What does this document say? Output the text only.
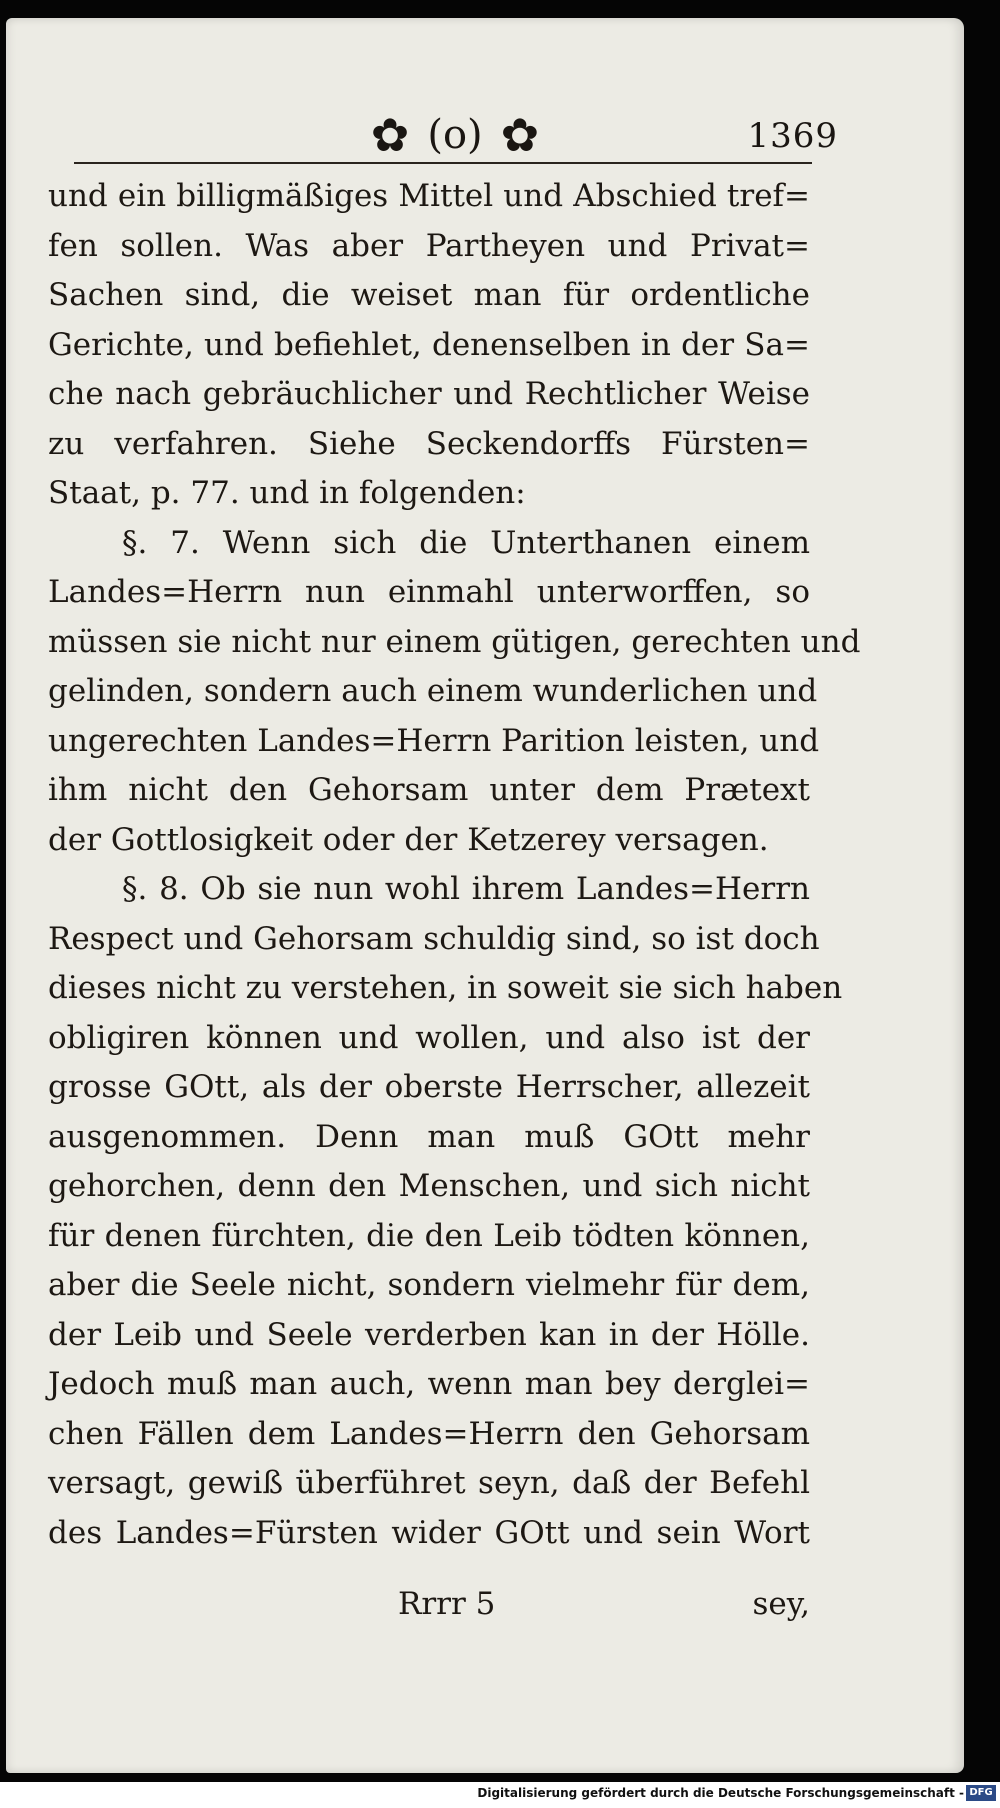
✿ (o) ✿	1369
und ein billigmäßiges Mittel und Abschied tref=
fen sollen. Was aber Partheyen und Privat=
Sachen sind, die weiset man für ordentliche
Gerichte, und befiehlet, denenselben in der Sa=
che nach gebräuchlicher und Rechtlicher Weise
zu verfahren. Siehe Seckendorffs Fürsten=
Staat, p. 77. und in folgenden:
§. 7. Wenn sich die Unterthanen einem
Landes=Herrn nun einmahl unterworffen, so
müssen sie nicht nur einem gütigen, gerechten und
gelinden, sondern auch einem wunderlichen und
ungerechten Landes=Herrn Parition leisten, und
ihm nicht den Gehorsam unter dem Prætext
der Gottlosigkeit oder der Ketzerey versagen.
§. 8. Ob sie nun wohl ihrem Landes=Herrn
Respect und Gehorsam schuldig sind, so ist doch
dieses nicht zu verstehen, in soweit sie sich haben
obligiren können und wollen, und also ist der
grosse GOtt, als der oberste Herrscher, allezeit
ausgenommen. Denn man muß GOtt mehr
gehorchen, denn den Menschen, und sich nicht
für denen fürchten, die den Leib tödten können,
aber die Seele nicht, sondern vielmehr für dem,
der Leib und Seele verderben kan in der Hölle.
Jedoch muß man auch, wenn man bey derglei=
chen Fällen dem Landes=Herrn den Gehorsam
versagt, gewiß überführet seyn, daß der Befehl
des Landes=Fürsten wider GOtt und sein Wort
Rrrr 5	sey,
Digitalisierung gefördert durch die Deutsche Forschungsgemeinschaft - DFG
